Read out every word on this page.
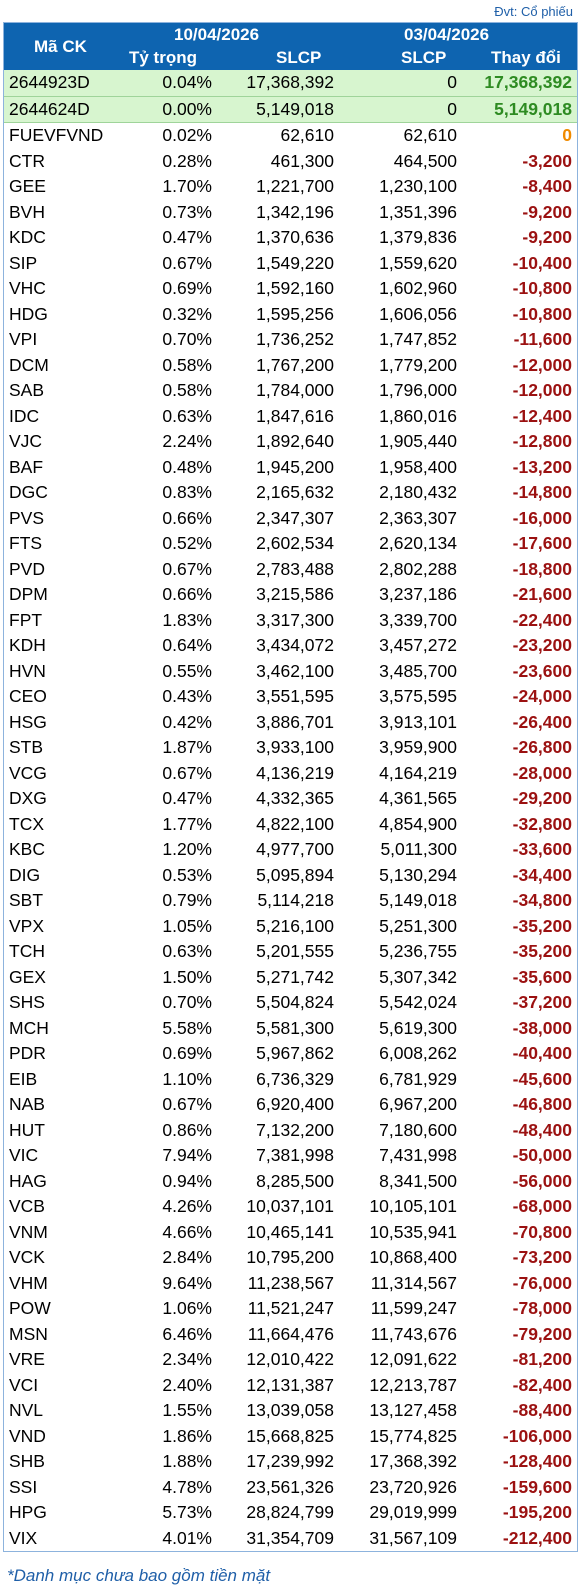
Đvt: Cổ phiếu
Mã CK
10/04/2026	03/04/2026
Tỷ trọng	SLCP	SLCP	Thay đổi
2644923D	0.04%	17,368,392	0	17,368,392
2644624D	0.00%	5,149,018	0	5,149,018
FUEVFVND	0.02%	62,610	62,610	0
CTR	0.28%	461,300	464,500	-3,200
GEE	1.70%	1,221,700	1,230,100	-8,400
BVH	0.73%	1,342,196	1,351,396	-9,200
KDC	0.47%	1,370,636	1,379,836	-9,200
SIP	0.67%	1,549,220	1,559,620	-10,400
VHC	0.69%	1,592,160	1,602,960	-10,800
HDG	0.32%	1,595,256	1,606,056	-10,800
VPI	0.70%	1,736,252	1,747,852	-11,600
DCM	0.58%	1,767,200	1,779,200	-12,000
SAB	0.58%	1,784,000	1,796,000	-12,000
IDC	0.63%	1,847,616	1,860,016	-12,400
VJC	2.24%	1,892,640	1,905,440	-12,800
BAF	0.48%	1,945,200	1,958,400	-13,200
DGC	0.83%	2,165,632	2,180,432	-14,800
PVS	0.66%	2,347,307	2,363,307	-16,000
FTS	0.52%	2,602,534	2,620,134	-17,600
PVD	0.67%	2,783,488	2,802,288	-18,800
DPM	0.66%	3,215,586	3,237,186	-21,600
FPT	1.83%	3,317,300	3,339,700	-22,400
KDH	0.64%	3,434,072	3,457,272	-23,200
HVN	0.55%	3,462,100	3,485,700	-23,600
CEO	0.43%	3,551,595	3,575,595	-24,000
HSG	0.42%	3,886,701	3,913,101	-26,400
STB	1.87%	3,933,100	3,959,900	-26,800
VCG	0.67%	4,136,219	4,164,219	-28,000
DXG	0.47%	4,332,365	4,361,565	-29,200
TCX	1.77%	4,822,100	4,854,900	-32,800
KBC	1.20%	4,977,700	5,011,300	-33,600
DIG	0.53%	5,095,894	5,130,294	-34,400
SBT	0.79%	5,114,218	5,149,018	-34,800
VPX	1.05%	5,216,100	5,251,300	-35,200
TCH	0.63%	5,201,555	5,236,755	-35,200
GEX	1.50%	5,271,742	5,307,342	-35,600
SHS	0.70%	5,504,824	5,542,024	-37,200
MCH	5.58%	5,581,300	5,619,300	-38,000
PDR	0.69%	5,967,862	6,008,262	-40,400
EIB	1.10%	6,736,329	6,781,929	-45,600
NAB	0.67%	6,920,400	6,967,200	-46,800
HUT	0.86%	7,132,200	7,180,600	-48,400
VIC	7.94%	7,381,998	7,431,998	-50,000
HAG	0.94%	8,285,500	8,341,500	-56,000
VCB	4.26%	10,037,101	10,105,101	-68,000
VNM	4.66%	10,465,141	10,535,941	-70,800
VCK	2.84%	10,795,200	10,868,400	-73,200
VHM	9.64%	11,238,567	11,314,567	-76,000
POW	1.06%	11,521,247	11,599,247	-78,000
MSN	6.46%	11,664,476	11,743,676	-79,200
VRE	2.34%	12,010,422	12,091,622	-81,200
VCI	2.40%	12,131,387	12,213,787	-82,400
NVL	1.55%	13,039,058	13,127,458	-88,400
VND	1.86%	15,668,825	15,774,825	-106,000
SHB	1.88%	17,239,992	17,368,392	-128,400
SSI	4.78%	23,561,326	23,720,926	-159,600
HPG	5.73%	28,824,799	29,019,999	-195,200
VIX	4.01%	31,354,709	31,567,109	-212,400
*Danh mục chưa bao gồm tiền mặt
